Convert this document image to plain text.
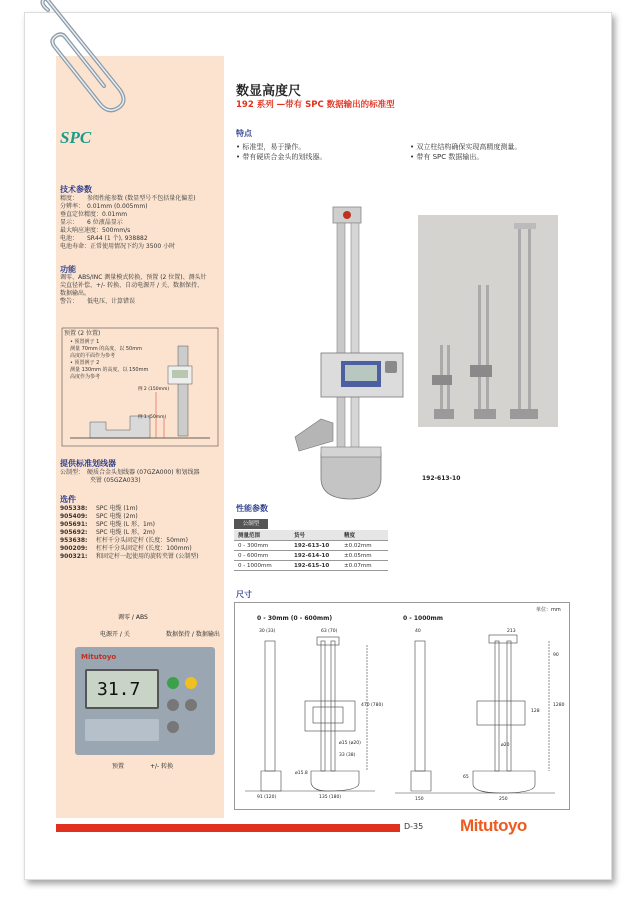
数显高度尺
192 系列 —带有 SPC 数据输出的标准型
SPC
技术参数
精度：　　参阅性能参数 (数显型号不包括量化偏差)
分辨率：　0.01mm (0.005mm)
垂直定位精度：0.01mm
显示：　　6 位液晶显示
最大响应速度：500mm/s
电池：　　SR44 (1 个), 938882
电池寿命：正常使用情况下约为 3500 小时
功能
调零、ABS/INC 测量模式转换、预置 (2 位置)、测头针
尖直径补偿、+/- 转换、自动电源开 / 关、数据保持、
数据输出。
警告：　　低电压、计算错误
预置 (2 位置)
• 预置例子 1
测量 70mm 的高度，以 50mm
高度的平面作为参考
• 预置例子 2
测量 130mm 的高度，以 150mm
高度作为参考
例 2 (150mm)
例 1 (50mm)
提供标准划线器
公制型：　硬质合金头划线器 (07GZA000) 和划线器
　　　　　夹钳 (05GZA033)
选件
905338: SPC 电缆 (1m)
905409: SPC 电缆 (2m)
905691: SPC 电缆 (L 形、1m)
905692: SPC 电缆 (L 形、2m)
953638: 杠杆千分头固定杆 (长度：50mm)
900209: 杠杆千分头固定杆 (长度：100mm)
900321: 和固定杆一起使用的旋转夹钳 (公制型)
调零 / ABS
电源开 / 关	数据保持 / 数据输出
Mitutoyo
31.7
预置	+/- 转换
特点
• 标准型，易于操作。
• 带有硬质合金头的划线器。
• 双立柱结构确保实现高精度测量。
• 带有 SPC 数据输出。
192-613-10
性能参数
公制型
测量范围	货号	精度
0 - 300mm	192-613-10	±0.02mm
0 - 600mm	192-614-10	±0.05mm
0 - 1000mm	192-615-10	±0.07mm
尺寸
单位：mm
0 - 30mm (0 - 600mm)	0 - 1000mm
30 (33)	63 (70)
470 (780)
ø15 (ø20)
33 (38)
91 (120)	135 (180)
ø15.8
40	213
128
1280
90
65
150	250
ø20
D-35 Mitutoyo
